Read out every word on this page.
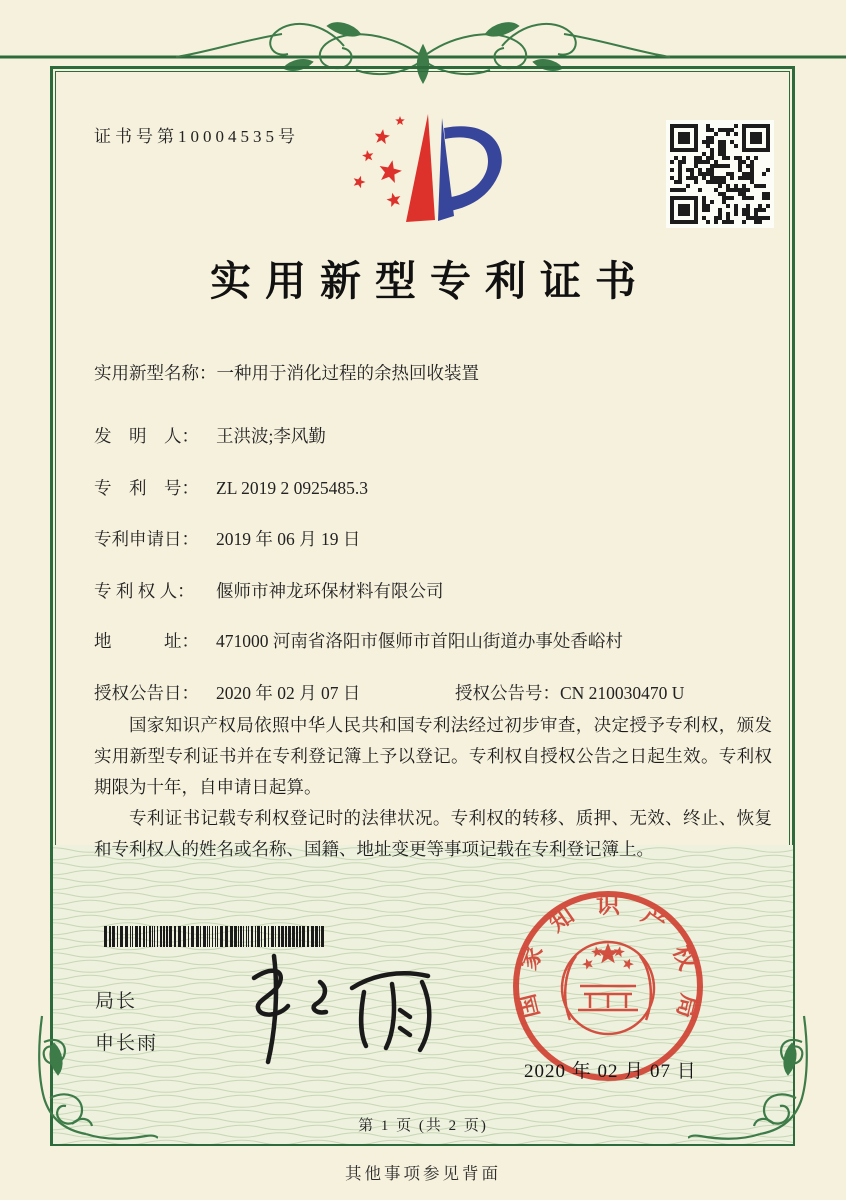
证书号第10004535号
实用新型专利证书
实用新型名称：一种用于消化过程的余热回收装置
发　明　人： 王洪波;李风勤
专　利　号： ZL 2019 2 0925485.3
专利申请日： 2019 年 06 月 19 日
专 利 权 人： 偃师市神龙环保材料有限公司
地　　　址： 471000 河南省洛阳市偃师市首阳山街道办事处香峪村
授权公告日： 2020 年 02 月 07 日	授权公告号：CN 210030470 U

国家知识产权局依照中华人民共和国专利法经过初步审查，决定授予专利权，颁发实用新型专利证书并在专利登记簿上予以登记。专利权自授权公告之日起生效。专利权期限为十年，自申请日起算。

专利证书记载专利权登记时的法律状况。专利权的转移、质押、无效、终止、恢复和专利权人的姓名或名称、国籍、地址变更等事项记载在专利登记簿上。

局长
申长雨
国家知识产权局
2020 年 02 月 07 日
第 1 页 (共 2 页)
其他事项参见背面
